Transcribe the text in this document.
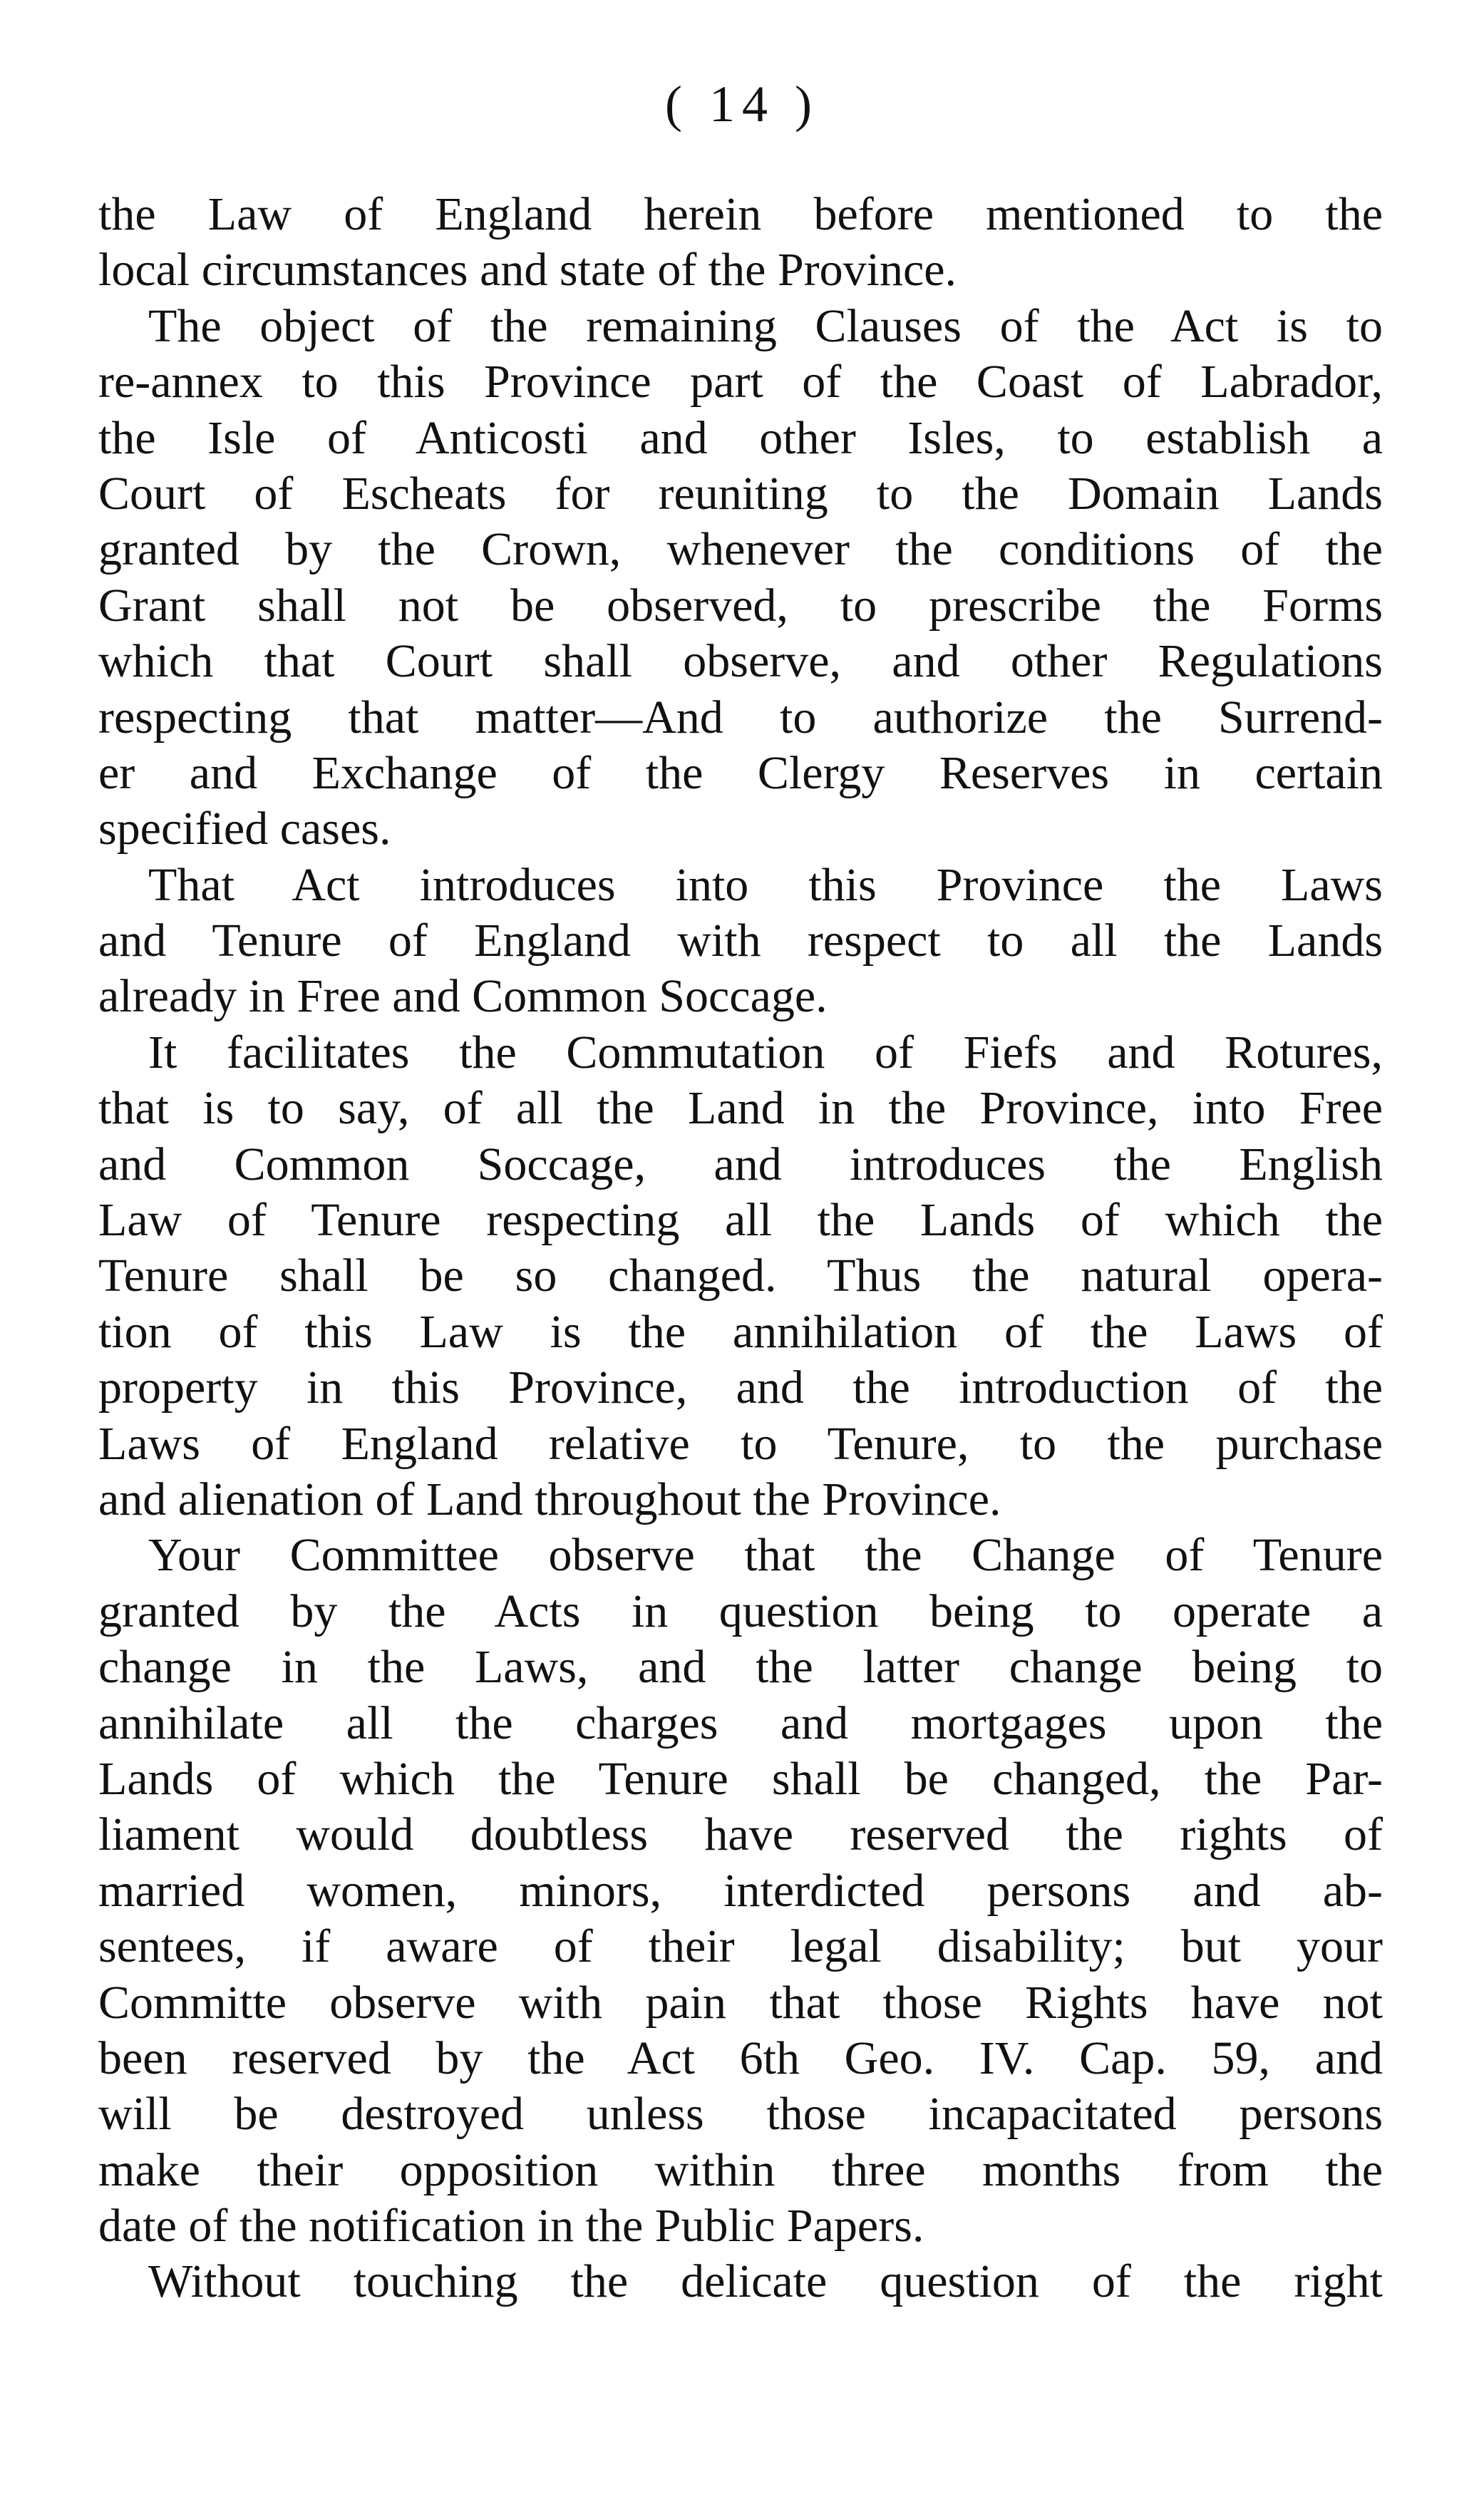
( 14 )
the Law of England herein before mentioned to the
local circumstances and state of the Province.
The object of the remaining Clauses of the Act is to
re-annex to this Province part of the Coast of Labrador,
the Isle of Anticosti and other Isles, to establish a
Court of Escheats for reuniting to the Domain Lands
granted by the Crown, whenever the conditions of the
Grant shall not be observed, to prescribe the Forms
which that Court shall observe, and other Regulations
respecting that matter—And to authorize the Surrend-
er and Exchange of the Clergy Reserves in certain
specified cases.
That Act introduces into this Province the Laws
and Tenure of England with respect to all the Lands
already in Free and Common Soccage.
It facilitates the Commutation of Fiefs and Rotures,
that is to say, of all the Land in the Province, into Free
and Common Soccage, and introduces the English
Law of Tenure respecting all the Lands of which the
Tenure shall be so changed. Thus the natural opera-
tion of this Law is the annihilation of the Laws of
property in this Province, and the introduction of the
Laws of England relative to Tenure, to the purchase
and alienation of Land throughout the Province.
Your Committee observe that the Change of Tenure
granted by the Acts in question being to operate a
change in the Laws, and the latter change being to
annihilate all the charges and mortgages upon the
Lands of which the Tenure shall be changed, the Par-
liament would doubtless have reserved the rights of
married women, minors, interdicted persons and ab-
sentees, if aware of their legal disability; but your
Committe observe with pain that those Rights have not
been reserved by the Act 6th Geo. IV. Cap. 59, and
will be destroyed unless those incapacitated persons
make their opposition within three months from the
date of the notification in the Public Papers.
Without touching the delicate question of the right
